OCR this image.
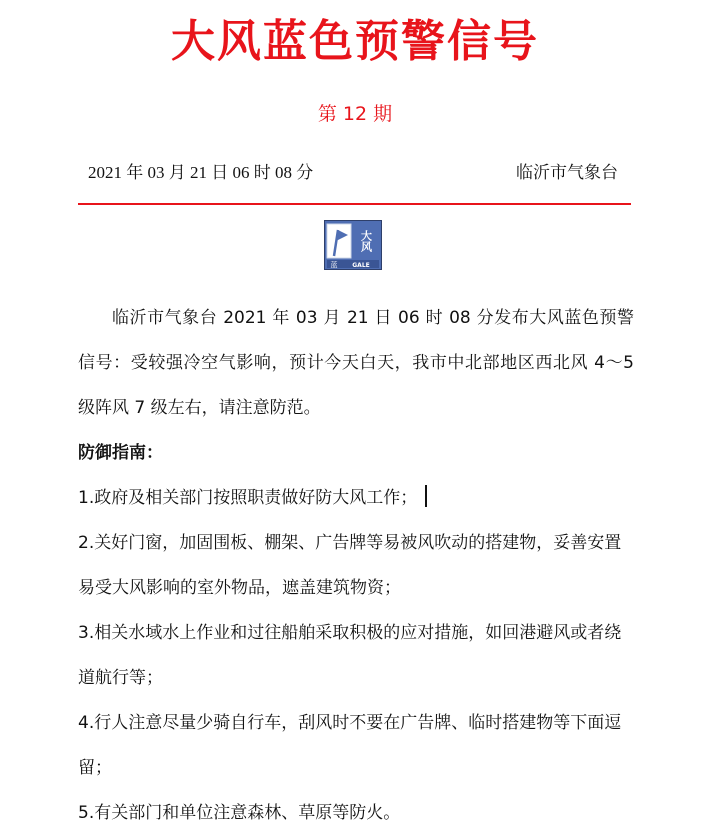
大风蓝色预警信号
第 12 期
2021 年 03 月 21 日 06 时 08 分	临沂市气象台
大风
蓝 GALE

临沂市气象台 2021 年 03 月 21 日 06 时 08 分发布大风蓝色预警信号：受较强冷空气影响，预计今天白天，我市中北部地区西北风 4～5 级阵风 7 级左右，请注意防范。

防御指南：

1.政府及相关部门按照职责做好防大风工作；

2.关好门窗，加固围板、棚架、广告牌等易被风吹动的搭建物，妥善安置易受大风影响的室外物品，遮盖建筑物资；

3.相关水域水上作业和过往船舶采取积极的应对措施，如回港避风或者绕道航行等；

4.行人注意尽量少骑自行车，刮风时不要在广告牌、临时搭建物等下面逗留；

5.有关部门和单位注意森林、草原等防火。
